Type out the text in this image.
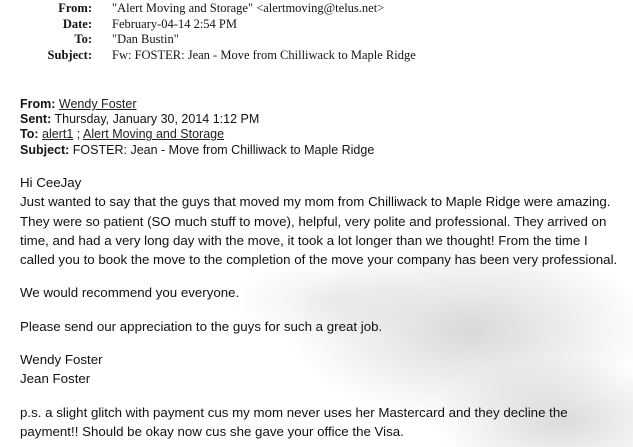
From:	"Alert Moving and Storage" <alertmoving@telus.net>
Date:	February-04-14 2:54 PM
To:	"Dan Bustin"
Subject:	Fw: FOSTER: Jean - Move from Chilliwack to Maple Ridge
From: Wendy Foster
Sent: Thursday, January 30, 2014 1:12 PM
To: alert1 ; Alert Moving and Storage
Subject: FOSTER: Jean - Move from Chilliwack to Maple Ridge

Hi CeeJay

Just wanted to say that the guys that moved my mom from Chilliwack to Maple Ridge were amazing.

They were so patient (SO much stuff to move), helpful, very polite and professional. They arrived on

time, and had a very long day with the move, it took a lot longer than we thought! From the time I

called you to book the move to the completion of the move your company has been very professional.

We would recommend you everyone.

Please send our appreciation to the guys for such a great job.

Wendy Foster

Jean Foster

p.s. a slight glitch with payment cus my mom never uses her Mastercard and they decline the

payment!! Should be okay now cus she gave your office the Visa.
